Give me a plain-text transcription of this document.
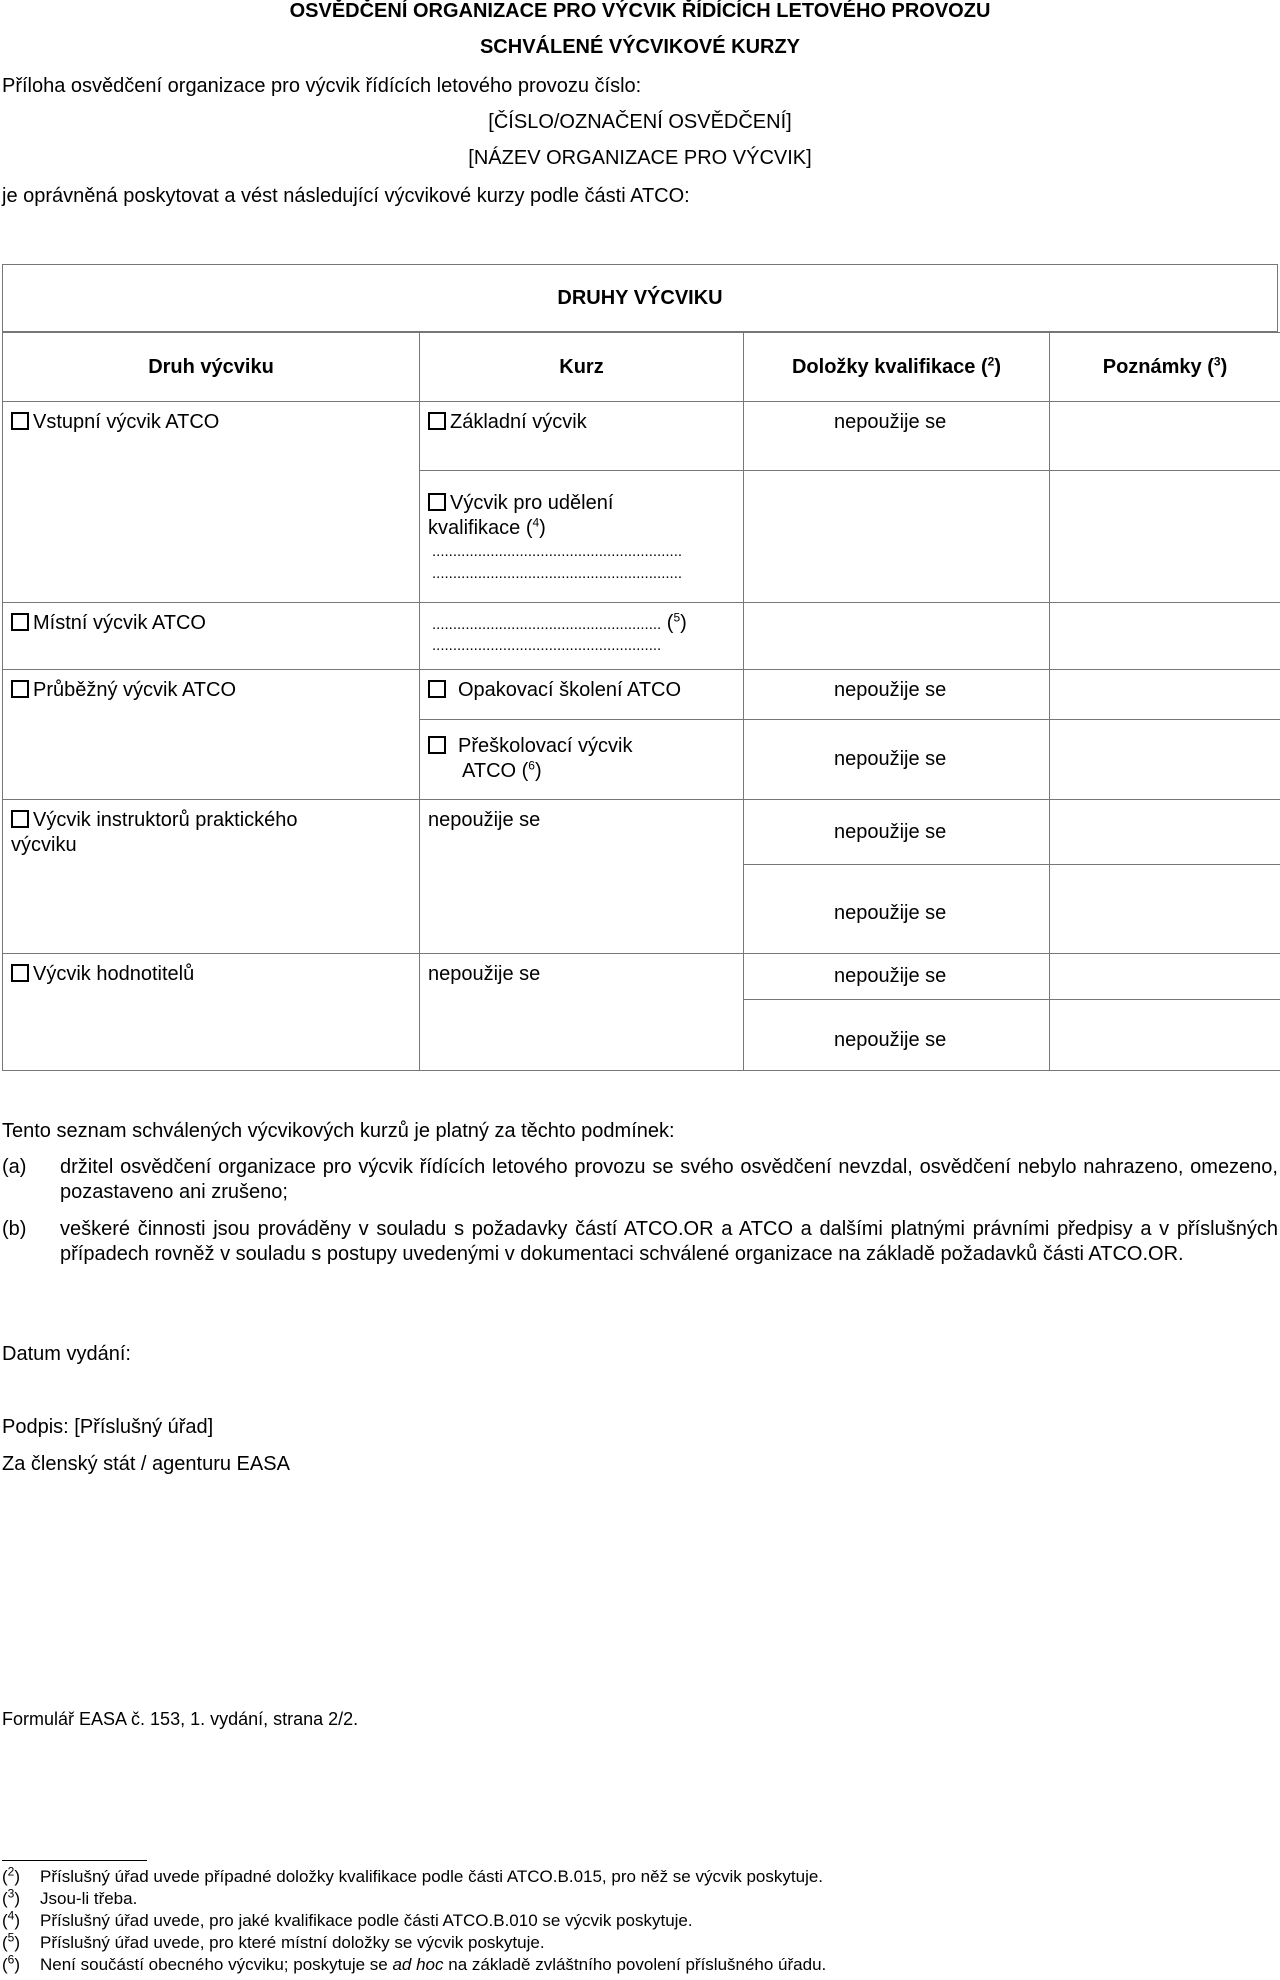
OSVĚDČENÍ ORGANIZACE PRO VÝCVIK ŘÍDÍCÍCH LETOVÉHO PROVOZU
SCHVÁLENÉ VÝCVIKOVÉ KURZY
Příloha osvědčení organizace pro výcvik řídících letového provozu číslo:
[ČÍSLO/OZNAČENÍ OSVĚDČENÍ]
[NÁZEV ORGANIZACE PRO VÝCVIK]
je oprávněná poskytovat a vést následující výcvikové kurzy podle části ATCO:
DRUHY VÝCVIKU
Druh výcviku	Kurz	Doložky kvalifikace ($^2$)	Poznámky ($^3$)
Vstupní výcvik ATCO	Základní výcvik	nepoužije se	

	Výcvik pro udělení
kvalifikace ($^4$)
............................................................
............................................................		

Místní výcvik ATCO	....................................................... ($^5$)
.......................................................		

Průběžný výcvik ATCO	Opakovací školení ATCO	nepoužije se	

	Přeškolovací výcvik
ATCO ($^6$)	nepoužije se	

Výcvik instruktorů praktického
výcviku	nepoužije se	nepoužije se	
		nepoužije se	
Výcvik hodnotitelů	nepoužije se	nepoužije se	
		nepoužije se	
Tento seznam schválených výcvikových kurzů je platný za těchto podmínek:
(a) držitel osvědčení organizace pro výcvik řídících letového provozu se svého osvědčení nevzdal, osvědčení nebylo nahrazeno, omezeno, pozastaveno ani zrušeno;
(b) veškeré činnosti jsou prováděny v souladu s požadavky částí ATCO.OR a ATCO a dalšími platnými právními předpisy a v příslušných případech rovněž v souladu s postupy uvedenými v dokumentaci schválené organizace na základě požadavků části ATCO.OR.
Datum vydání:
Podpis: [Příslušný úřad]
Za členský stát / agenturu EASA
Formulář EASA č. 153, 1. vydání, strana 2/2.
($^2$) Příslušný úřad uvede případné doložky kvalifikace podle části ATCO.B.015, pro něž se výcvik poskytuje.
($^3$) Jsou-li třeba.
($^4$) Příslušný úřad uvede, pro jaké kvalifikace podle části ATCO.B.010 se výcvik poskytuje.
($^5$) Příslušný úřad uvede, pro které místní doložky se výcvik poskytuje.
($^6$) Není součástí obecného výcviku; poskytuje se ad hoc na základě zvláštního povolení příslušného úřadu.
